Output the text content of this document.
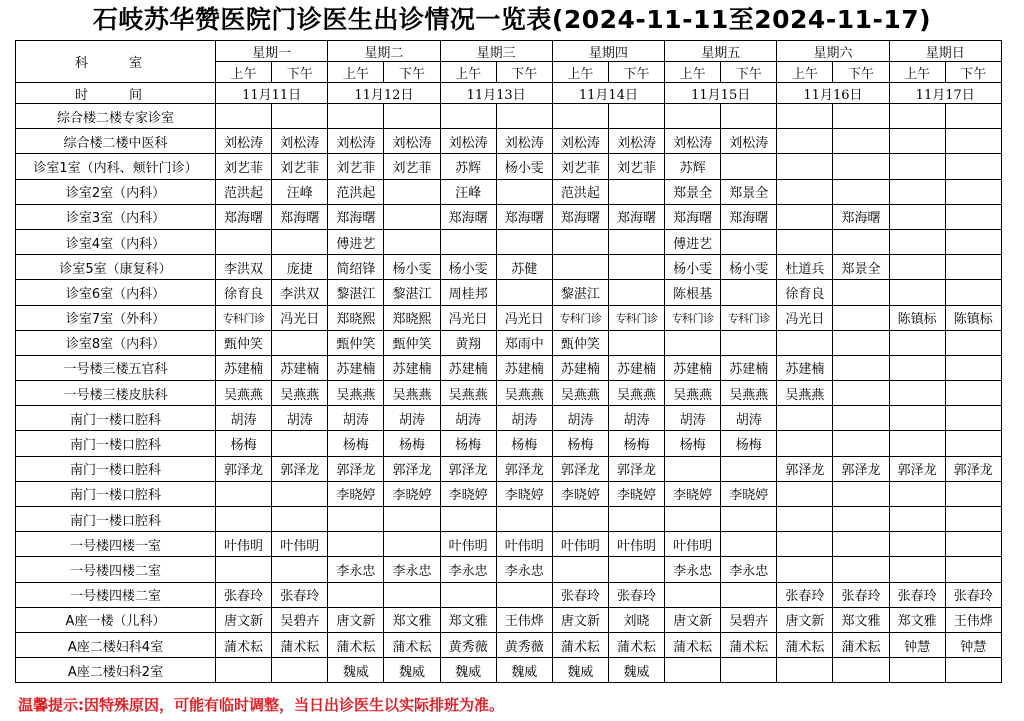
石岐苏华赞医院门诊医生出诊情况一览表(2024-11-11至2024-11-17)
科　室	星期一		星期二		星期三		星期四		星期五		星期六		星期日	
	上午	下午	上午	下午	上午	下午	上午	下午	上午	下午	上午	下午	上午	下午
时　间	11月11日		11月12日		11月13日		11月14日		11月15日		11月16日		11月17日	
综合楼二楼专家诊室														
综合楼二楼中医科	刘松涛	刘松涛	刘松涛	刘松涛	刘松涛	刘松涛	刘松涛	刘松涛	刘松涛	刘松涛				
诊室1室（内科、颊针门诊）	刘艺菲	刘艺菲	刘艺菲	刘艺菲	苏辉	杨小雯	刘艺菲	刘艺菲	苏辉					
诊室2室（内科）	范洪起	汪峰	范洪起		汪峰		范洪起		郑景全	郑景全				
诊室3室（内科）	郑海曙	郑海曙	郑海曙		郑海曙	郑海曙	郑海曙	郑海曙	郑海曙	郑海曙		郑海曙		
诊室4室（内科）			傅进艺						傅进艺					
诊室5室（康复科）	李洪双	庞捷	简绍锋	杨小雯	杨小雯	苏健			杨小雯	杨小雯	杜道兵	郑景全		
诊室6室（内科）	徐育良	李洪双	黎湛江	黎湛江	周桂邦		黎湛江		陈根基		徐育良			
诊室7室（外科）	专科门诊	冯光日	郑晓熙	郑晓熙	冯光日	冯光日	专科门诊	专科门诊	专科门诊	专科门诊	冯光日		陈镇标	陈镇标
诊室8室（内科）	甄仲笑		甄仲笑	甄仲笑	黄翔	郑雨中	甄仲笑							
一号楼三楼五官科	苏建楠	苏建楠	苏建楠	苏建楠	苏建楠	苏建楠	苏建楠	苏建楠	苏建楠	苏建楠	苏建楠			
一号楼三楼皮肤科	吴燕燕	吴燕燕	吴燕燕	吴燕燕	吴燕燕	吴燕燕	吴燕燕	吴燕燕	吴燕燕	吴燕燕	吴燕燕			
南门一楼口腔科	胡涛	胡涛	胡涛	胡涛	胡涛	胡涛	胡涛	胡涛	胡涛	胡涛				
南门一楼口腔科	杨梅		杨梅	杨梅	杨梅	杨梅	杨梅	杨梅	杨梅	杨梅				
南门一楼口腔科	郭泽龙	郭泽龙	郭泽龙	郭泽龙	郭泽龙	郭泽龙	郭泽龙	郭泽龙			郭泽龙	郭泽龙	郭泽龙	郭泽龙
南门一楼口腔科			李晓婷	李晓婷	李晓婷	李晓婷	李晓婷	李晓婷	李晓婷	李晓婷				
南门一楼口腔科														
一号楼四楼一室	叶伟明	叶伟明			叶伟明	叶伟明	叶伟明	叶伟明	叶伟明					
一号楼四楼二室			李永忠	李永忠	李永忠	李永忠			李永忠	李永忠				
一号楼四楼二室	张春玲	张春玲					张春玲	张春玲			张春玲	张春玲	张春玲	张春玲
A座一楼（儿科）	唐文新	吴碧卉	唐文新	郑文雅	郑文雅	王伟烨	唐文新	刘晓	唐文新	吴碧卉	唐文新	郑文雅	郑文雅	王伟烨
A座二楼妇科4室	蒲术耘	蒲术耘	蒲术耘	蒲术耘	黄秀薇	黄秀薇	蒲术耘	蒲术耘	蒲术耘	蒲术耘	蒲术耘	蒲术耘	钟慧	钟慧
A座二楼妇科2室			魏威	魏威	魏威	魏威	魏威	魏威						
温馨提示:因特殊原因，可能有临时调整，当日出诊医生以实际排班为准。
